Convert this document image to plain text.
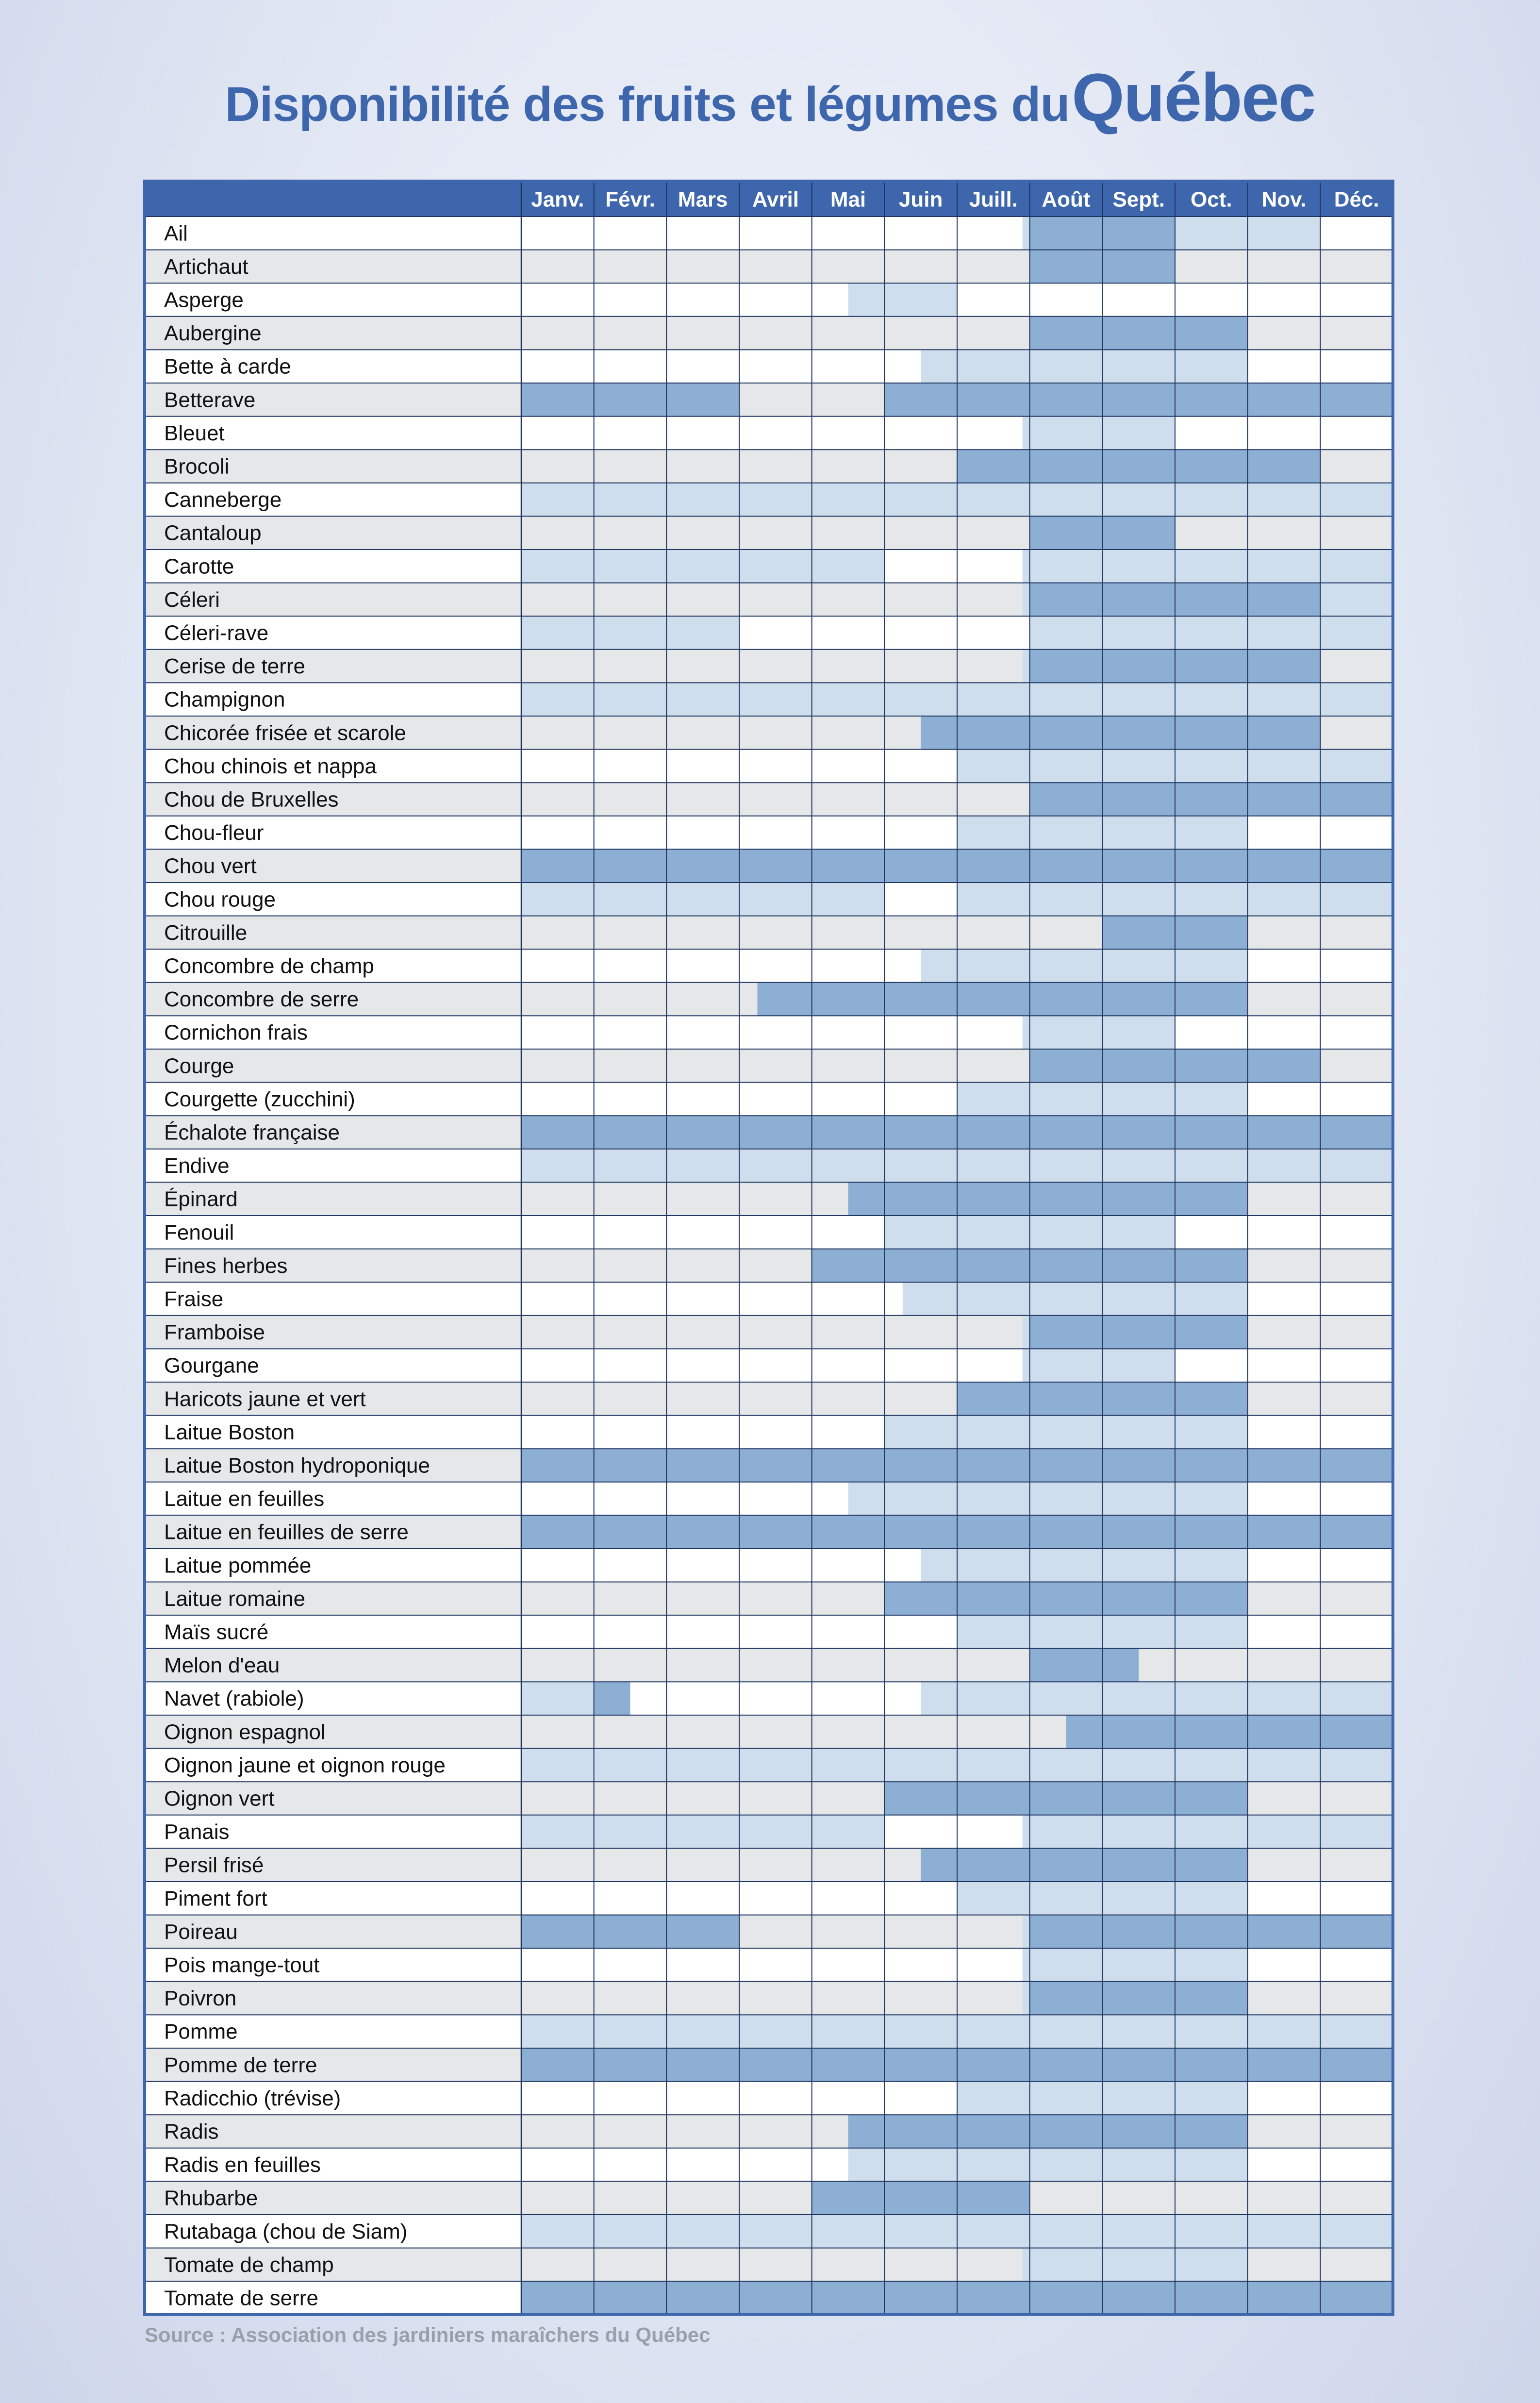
Disponibilité des fruits et légumes du Québec
Janv. Févr. Mars Avril Mai Juin Juill. Août Sept. Oct. Nov. Déc.
Ail
Artichaut
Asperge
Aubergine
Bette à carde
Betterave
Bleuet
Brocoli
Canneberge
Cantaloup
Carotte
Céleri
Céleri-rave
Cerise de terre
Champignon
Chicorée frisée et scarole
Chou chinois et nappa
Chou de Bruxelles
Chou-fleur
Chou vert
Chou rouge
Citrouille
Concombre de champ
Concombre de serre
Cornichon frais
Courge
Courgette (zucchini)
Échalote française
Endive
Épinard
Fenouil
Fines herbes
Fraise
Framboise
Gourgane
Haricots jaune et vert
Laitue Boston
Laitue Boston hydroponique
Laitue en feuilles
Laitue en feuilles de serre
Laitue pommée
Laitue romaine
Maïs sucré
Melon d'eau
Navet (rabiole)
Oignon espagnol
Oignon jaune et oignon rouge
Oignon vert
Panais
Persil frisé
Piment fort
Poireau
Pois mange-tout
Poivron
Pomme
Pomme de terre
Radicchio (trévise)
Radis
Radis en feuilles
Rhubarbe
Rutabaga (chou de Siam)
Tomate de champ
Tomate de serre
Source : Association des jardiniers maraîchers du Québec
